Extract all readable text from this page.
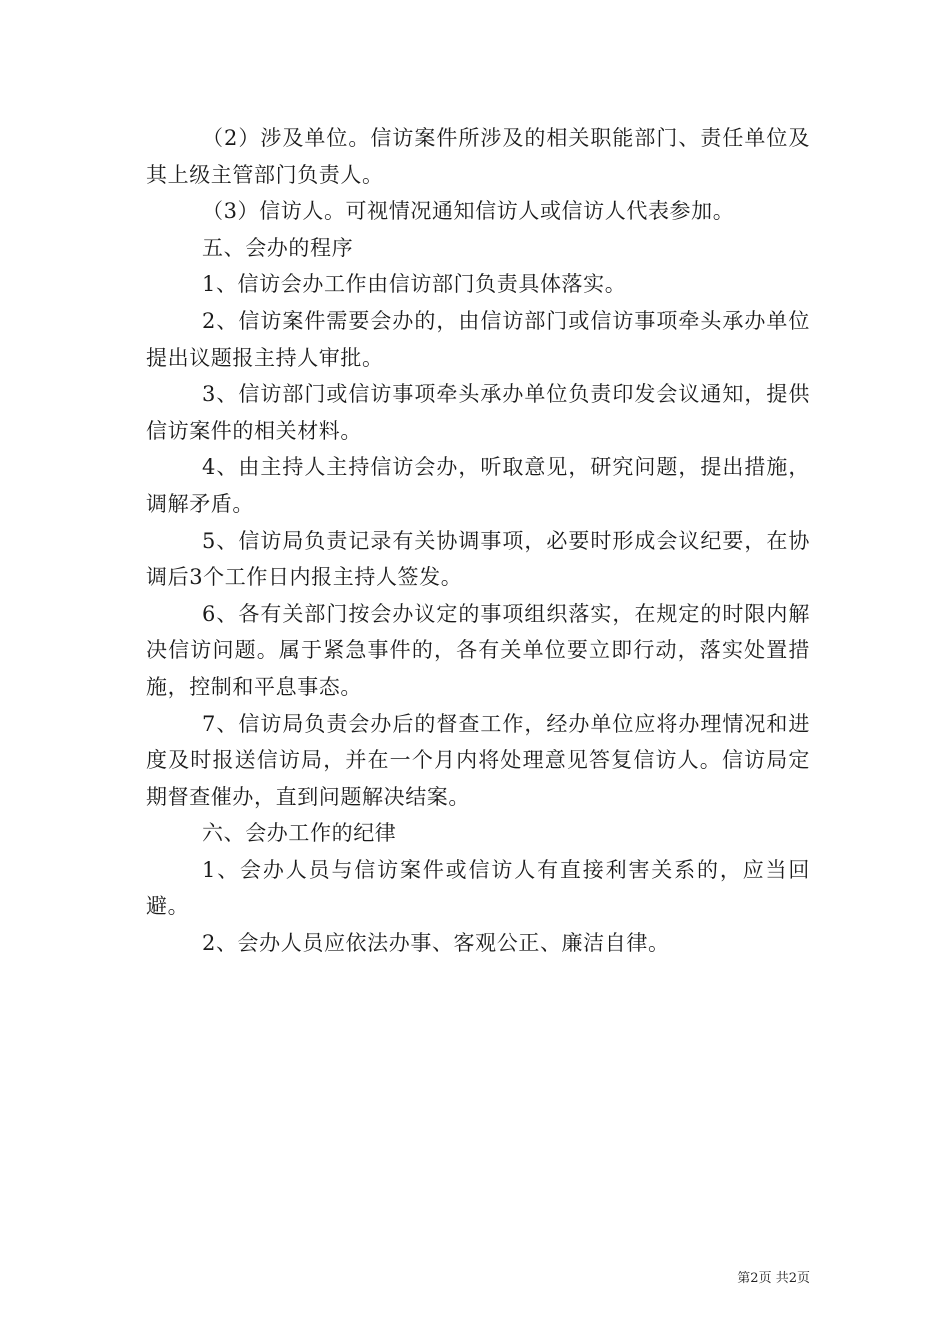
（2）涉及单位。信访案件所涉及的相关职能部门、责任单位及其上级主管部门负责人。

（3）信访人。可视情况通知信访人或信访人代表参加。

五、会办的程序

1、信访会办工作由信访部门负责具体落实。

2、信访案件需要会办的，由信访部门或信访事项牵头承办单位提出议题报主持人审批。

3、信访部门或信访事项牵头承办单位负责印发会议通知，提供信访案件的相关材料。

4、由主持人主持信访会办，听取意见，研究问题，提出措施，调解矛盾。

5、信访局负责记录有关协调事项，必要时形成会议纪要，在协调后3个工作日内报主持人签发。

6、各有关部门按会办议定的事项组织落实，在规定的时限内解决信访问题。属于紧急事件的，各有关单位要立即行动，落实处置措施，控制和平息事态。

7、信访局负责会办后的督查工作，经办单位应将办理情况和进度及时报送信访局，并在一个月内将处理意见答复信访人。信访局定期督查催办，直到问题解决结案。

六、会办工作的纪律

1、会办人员与信访案件或信访人有直接利害关系的，应当回避。

2、会办人员应依法办事、客观公正、廉洁自律。

第2页 共2页
